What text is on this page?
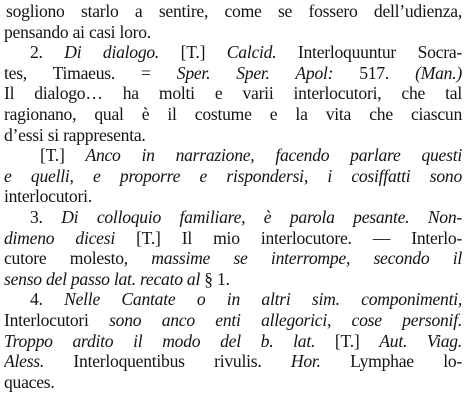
sogliono starlo a sentire, come se fossero dell’udienza,
pensando ai casi loro.
2. Di dialogo. [T.] Calcid. Interloquuntur Socra-
tes, Timaeus. = Sper. Sper. Apol: 517. (Man.)
Il dialogo… ha molti e varii interlocutori, che tal
ragionano, qual è il costume e la vita che ciascun
d’essi si rappresenta.
[T.] Anco in narrazione, facendo parlare questi
e quelli, e proporre e rispondersi, i cosiffatti sono
interlocutori.
3. Di colloquio familiare, è parola pesante. Non-
dimeno dicesi [T.] Il mio interlocutore. — Interlo-
cutore molesto, massime se interrompe, secondo il
senso del passo lat. recato al § 1.
4. Nelle Cantate o in altri sim. componimenti,
Interlocutori sono anco enti allegorici, cose personif.
Troppo ardito il modo del b. lat. [T.] Aut. Viag.
Aless. Interloquentibus rivulis. Hor. Lymphae lo-
quaces.
